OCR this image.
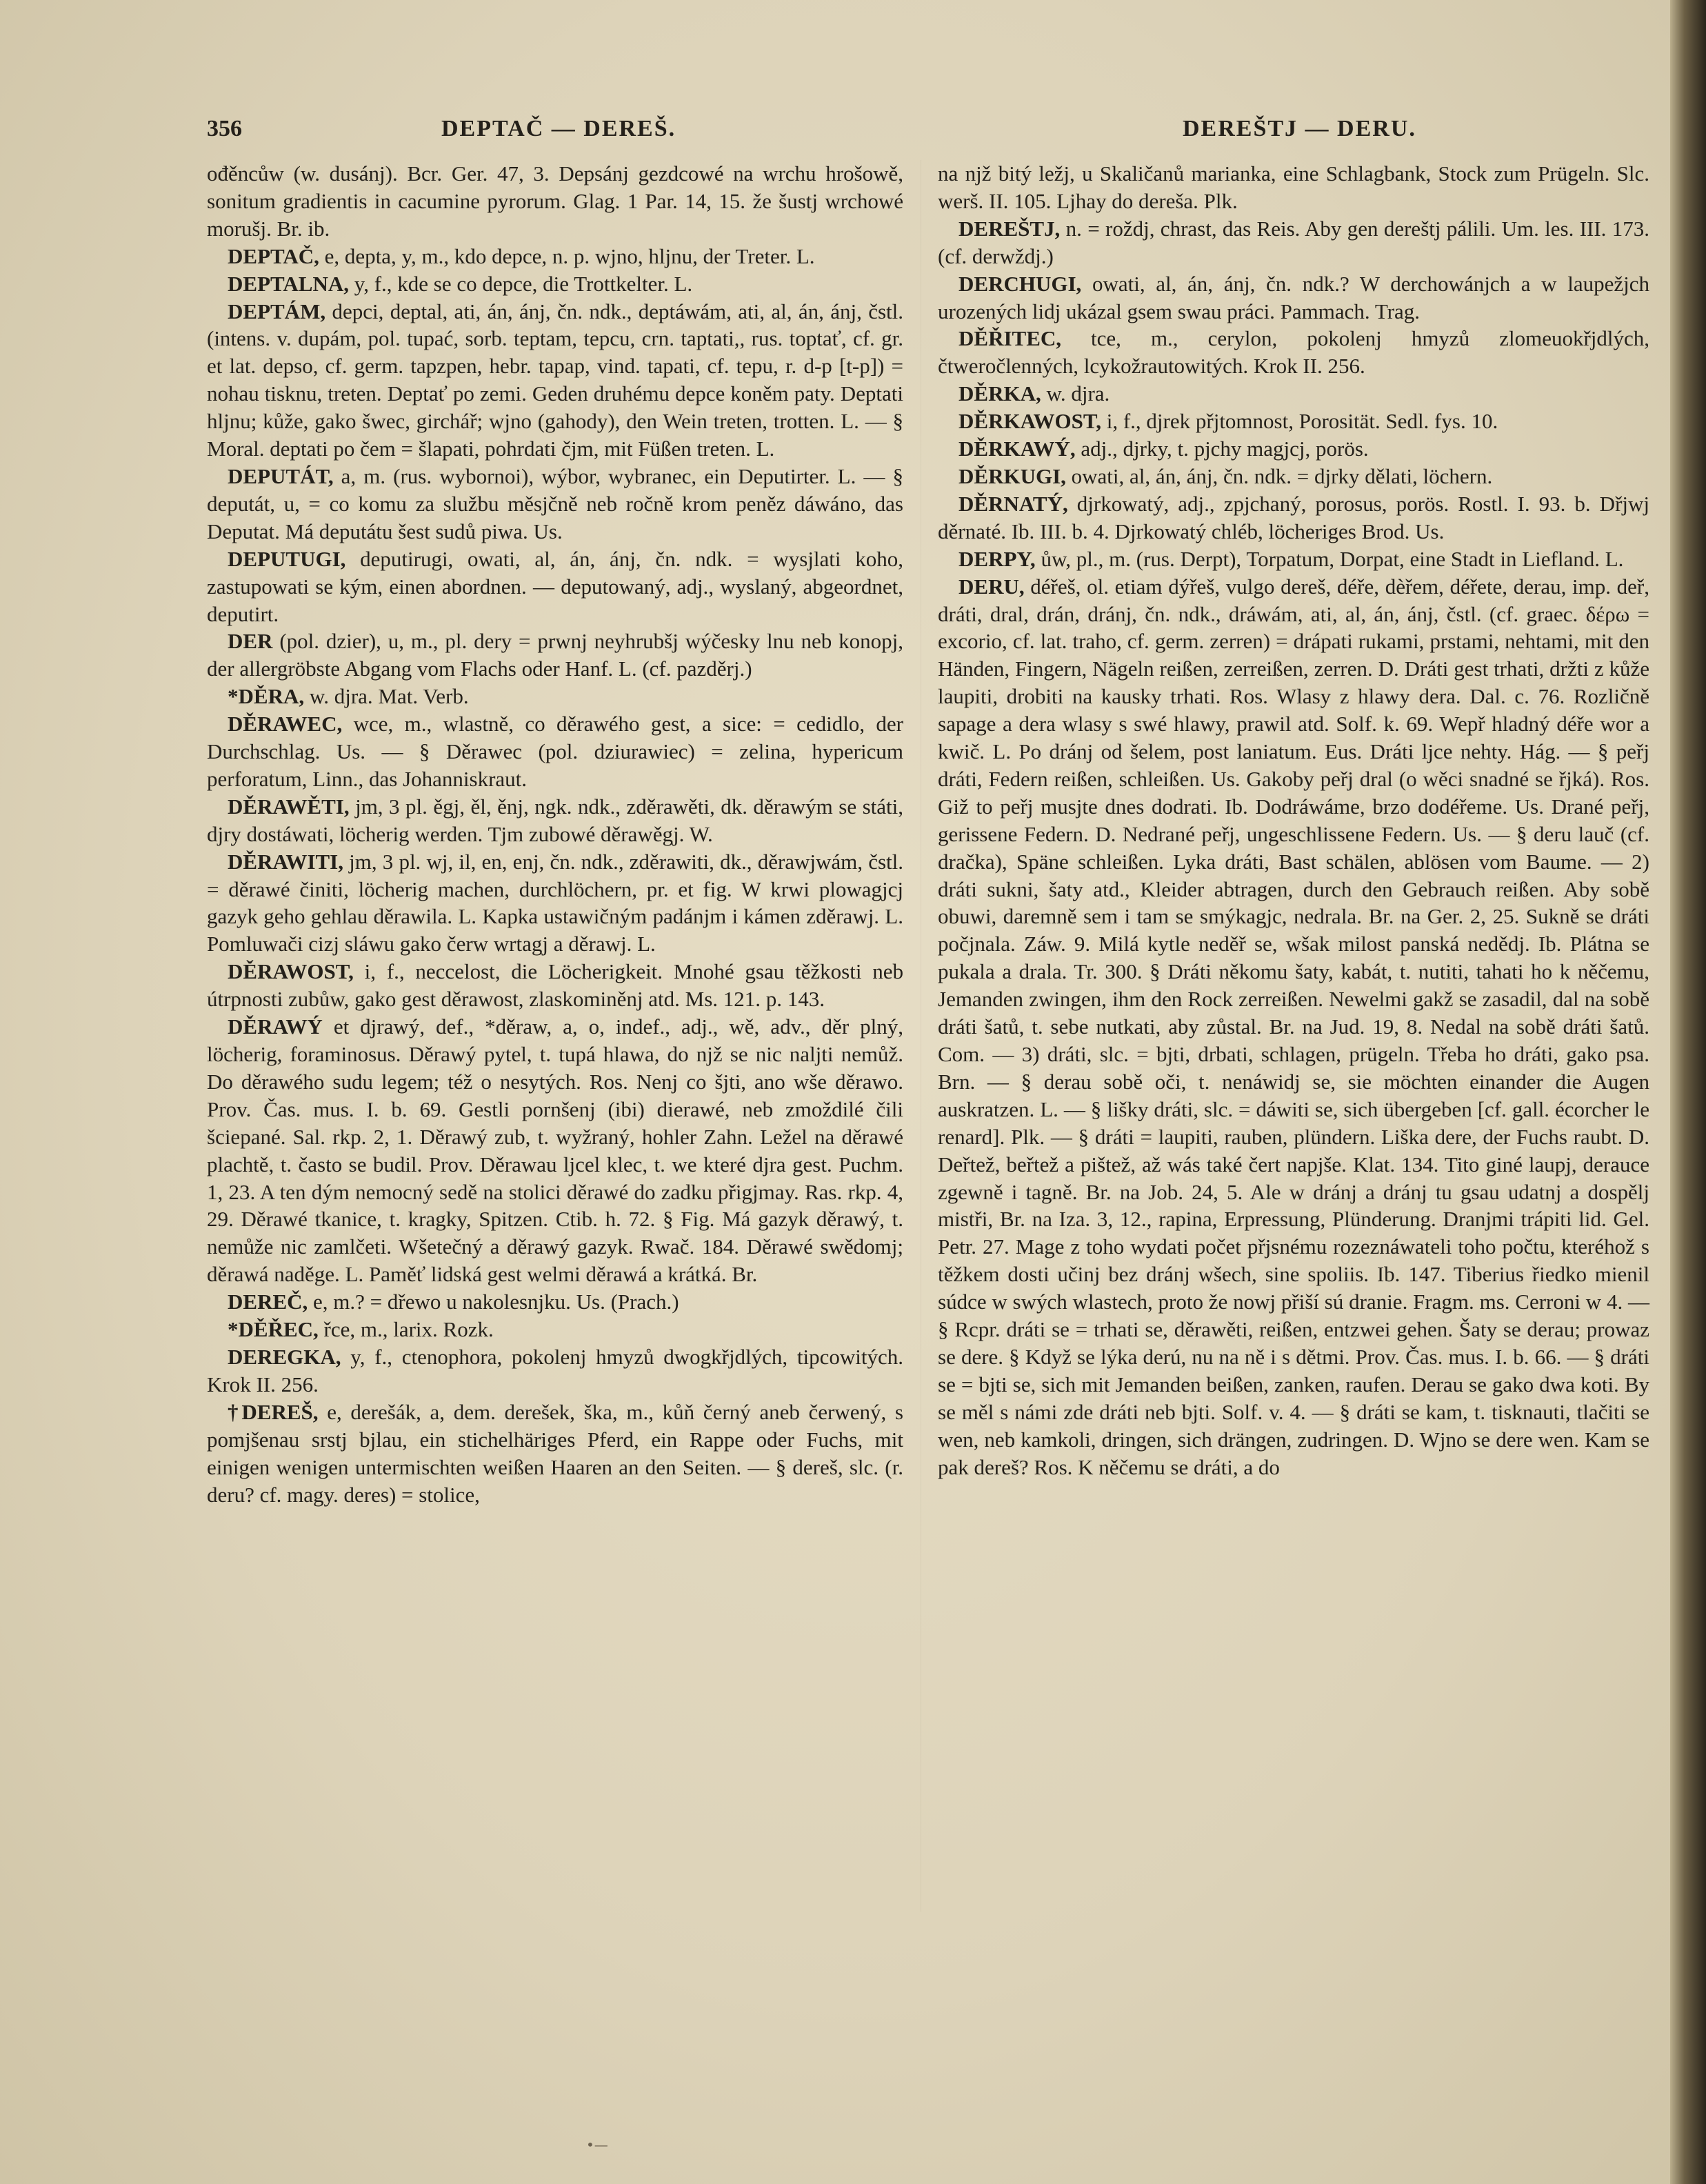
356	DEPTAČ — DEREŠ.	DEREŠTJ — DERU.

ođěncůw (w. dusánj). Bcr. Ger. 47, 3. Depsánj gezdcowé na wrchu hrošowě, sonitum gradientis in cacumine pyrorum. Glag. 1 Par. 14, 15. že šustj wrchowé morušj. Br. ib.

DEPTAČ, e, depta, y, m., kdo depce, n. p. wjno, hljnu, der Treter. L.

DEPTALNA, y, f., kde se co depce, die Trottkelter. L.

DEPTÁM, depci, deptal, ati, án, ánj, čn. ndk., deptáwám, ati, al, án, ánj, čstl. (intens. v. dupám, pol. tupać, sorb. teptam, tepcu, crn. taptati,, rus. toptať, cf. gr. et lat. depso, cf. germ. tapzpen, hebr. tapap, vind. tapati, cf. tepu, r. d-p [t-p]) = nohau tisknu, treten. Deptať po zemi. Geden druhému depce koněm paty. Deptati hljnu; kůže, gako šwec, girchář; wjno (gahody), den Wein treten, trotten. L. — § Moral. deptati po čem = šlapati, pohrdati čjm, mit Füßen treten. L.

DEPUTÁT, a, m. (rus. wybornoi), wýbor, wybranec, ein Deputirter. L. — § deputát, u, = co komu za službu měsjčně neb ročně krom peněz dáwáno, das Deputat. Má deputátu šest sudů piwa. Us.

DEPUTUGI, deputirugi, owati, al, án, ánj, čn. ndk. = wysjlati koho, zastupowati se kým, einen abordnen. — deputowaný, adj., wyslaný, abgeordnet, deputirt.

DER (pol. dzier), u, m., pl. dery = prwnj neyhrubšj wýčesky lnu neb konopj, der allergröbste Abgang vom Flachs oder Hanf. L. (cf. pazděrj.)

*DĚRA, w. djra. Mat. Verb.

DĚRAWEC, wce, m., wlastně, co děrawého gest, a sice: = cedidlo, der Durchschlag. Us. — § Děrawec (pol. dziurawiec) = zelina, hypericum perforatum, Linn., das Johanniskraut.

DĚRAWĚTI, jm, 3 pl. ěgj, ěl, ěnj, ngk. ndk., zděrawěti, dk. děrawým se státi, djry dostáwati, löcherig werden. Tjm zubowé děrawěgj. W.

DĚRAWITI, jm, 3 pl. wj, il, en, enj, čn. ndk., zděrawiti, dk., děrawjwám, čstl. = děrawé činiti, löcherig machen, durchlöchern, pr. et fig. W krwi plowagjcj gazyk geho gehlau děrawila. L. Kapka ustawičným padánjm i kámen zděrawj. L. Pomluwači cizj sláwu gako čerw wrtagj a děrawj. L.

DĚRAWOST, i, f., neccelost, die Löcherigkeit. Mnohé gsau těžkosti neb útrpnosti zubůw, gako gest děrawost, zlaskominěnj atd. Ms. 121. p. 143.

DĚRAWÝ et djrawý, def., *děraw, a, o, indef., adj., wě, adv., děr plný, löcherig, foraminosus. Děrawý pytel, t. tupá hlawa, do njž se nic naljti nemůž. Do děrawého sudu legem; též o nesytých. Ros. Nenj co šjti, ano wše děrawo. Prov. Čas. mus. I. b. 69. Gestli pornšenj (ibi) dierawé, neb zmoždilé čili šciepané. Sal. rkp. 2, 1. Děrawý zub, t. wyžraný, hohler Zahn. Ležel na děrawé plachtě, t. často se budil. Prov. Děrawau ljcel klec, t. we které djra gest. Puchm. 1, 23. A ten dým nemocný sedě na stolici děrawé do zadku přigjmay. Ras. rkp. 4, 29. Děrawé tkanice, t. kragky, Spitzen. Ctib. h. 72. § Fig. Má gazyk děrawý, t. nemůže nic zamlčeti. Wšetečný a děrawý gazyk. Rwač. 184. Děrawé swědomj; děrawá naděge. L. Paměť lidská gest welmi děrawá a krátká. Br.

DEREČ, e, m.? = dřewo u nakolesnjku. Us. (Prach.)

*DĚŘEC, řce, m., larix. Rozk.

DEREGKA, y, f., ctenophora, pokolenj hmyzů dwogkřjdlých, tipcowitých. Krok II. 256.

†DEREŠ, e, derešák, a, dem. derešek, ška, m., kůň černý aneb čerwený, s pomjšenau srstj bjlau, ein stichelhäriges Pferd, ein Rappe oder Fuchs, mit einigen wenigen untermischten weißen Haaren an den Seiten. — § dereš, slc. (r. deru? cf. magy. deres) = stolice,

na njž bitý ležj, u Skaličanů marianka, eine Schlagbank, Stock zum Prügeln. Slc. werš. II. 105. Ljhay do dereša. Plk.

DEREŠTJ, n. = roždj, chrast, das Reis. Aby gen dereštj pálili. Um. les. III. 173. (cf. derwždj.)

DERCHUGI, owati, al, án, ánj, čn. ndk.? W derchowánjch a w laupežjch urozených lidj ukázal gsem swau práci. Pammach. Trag.

DĚŘITEC, tce, m., cerylon, pokolenj hmyzů zlomeuokřjdlých, čtweročlenných, lcykožrautowitých. Krok II. 256.

DĚRKA, w. djra.

DĚRKAWOST, i, f., djrek přjtomnost, Porosität. Sedl. fys. 10.

DĚRKAWÝ, adj., djrky, t. pjchy magjcj, porös.

DĚRKUGI, owati, al, án, ánj, čn. ndk. = djrky dělati, löchern.

DĚRNATÝ, djrkowatý, adj., zpjchaný, porosus, porös. Rostl. I. 93. b. Dřjwj děrnaté. Ib. III. b. 4. Djrkowatý chléb, löcheriges Brod. Us.

DERPY, ůw, pl., m. (rus. Derpt), Torpatum, Dorpat, eine Stadt in Liefland. L.

DERU, déřeš, ol. etiam dýřeš, vulgo dereš, déře, dèřem, déřete, derau, imp. deř, dráti, dral, drán, dránj, čn. ndk., dráwám, ati, al, án, ánj, čstl. (cf. graec. δέρω = excorio, cf. lat. traho, cf. germ. zerren) = drápati rukami, prstami, nehtami, mit den Händen, Fingern, Nägeln reißen, zerreißen, zerren. D. Dráti gest trhati, držti z kůže laupiti, drobiti na kausky trhati. Ros. Wlasy z hlawy dera. Dal. c. 76. Rozličně sapage a dera wlasy s swé hlawy, prawil atd. Solf. k. 69. Wepř hladný déře wor a kwič. L. Po dránj od šelem, post laniatum. Eus. Dráti ljce nehty. Hág. — § peřj dráti, Federn reißen, schleißen. Us. Gakoby peřj dral (o wěci snadné se řjká). Ros. Giž to peřj musjte dnes dodrati. Ib. Dodráwáme, brzo dodéřeme. Us. Drané peřj, gerissene Federn. D. Nedrané peřj, ungeschlissene Federn. Us. — § deru lauč (cf. dračka), Späne schleißen. Lyka dráti, Bast schälen, ablösen vom Baume. — 2) dráti sukni, šaty atd., Kleider abtragen, durch den Gebrauch reißen. Aby sobě obuwi, daremně sem i tam se smýkagjc, nedrala. Br. na Ger. 2, 25. Sukně se dráti počjnala. Záw. 9. Milá kytle neděř se, wšak milost panská nedědj. Ib. Plátna se pukala a drala. Tr. 300. § Dráti někomu šaty, kabát, t. nutiti, tahati ho k něčemu, Jemanden zwingen, ihm den Rock zerreißen. Newelmi gakž se zasadil, dal na sobě dráti šatů, t. sebe nutkati, aby zůstal. Br. na Jud. 19, 8. Nedal na sobě dráti šatů. Com. — 3) dráti, slc. = bjti, drbati, schlagen, prügeln. Třeba ho dráti, gako psa. Brn. — § derau sobě oči, t. nenáwidj se, sie möchten einander die Augen auskratzen. L. — § lišky dráti, slc. = dáwiti se, sich übergeben [cf. gall. écorcher le renard]. Plk. — § dráti = laupiti, rauben, plündern. Liška dere, der Fuchs raubt. D. Deřtež, beřtež a pištež, až wás také čert napjše. Klat. 134. Tito giné laupj, derauce zgewně i tagně. Br. na Job. 24, 5. Ale w dránj a dránj tu gsau udatnj a dospělj mistři, Br. na Iza. 3, 12., rapina, Erpressung, Plünderung. Dranjmi trápiti lid. Gel. Petr. 27. Mage z toho wydati počet přjsnému rozeznáwateli toho počtu, kteréhož s těžkem dosti učinj bez dránj wšech, sine spoliis. Ib. 147. Tiberius řiedko mienil súdce w swých wlastech, proto že nowj přiší sú dranie. Fragm. ms. Cerroni w 4. — § Rcpr. dráti se = trhati se, děrawěti, reißen, entzwei gehen. Šaty se derau; prowaz se dere. § Když se lýka derú, nu na ně i s dětmi. Prov. Čas. mus. I. b. 66. — § dráti se = bjti se, sich mit Jemanden beißen, zanken, raufen. Derau se gako dwa koti. By se měl s námi zde dráti neb bjti. Solf. v. 4. — § dráti se kam, t. tisknauti, tlačiti se wen, neb kamkoli, dringen, sich drängen, zudringen. D. Wjno se dere wen. Kam se pak dereš? Ros. K něčemu se dráti, a do

•—
